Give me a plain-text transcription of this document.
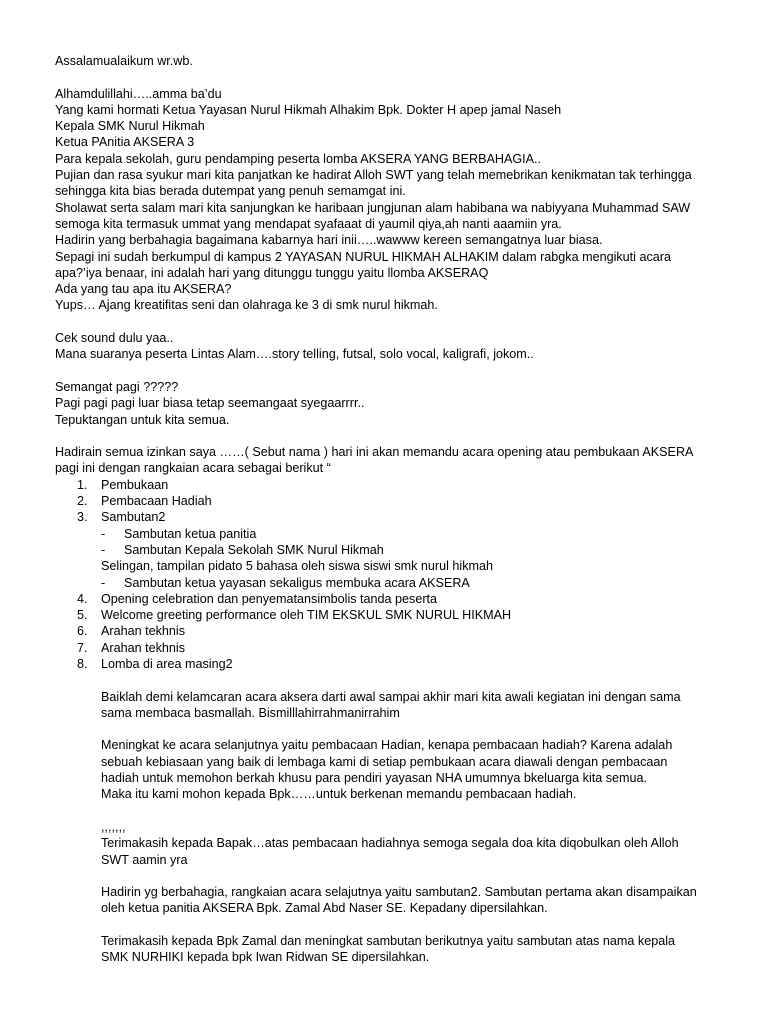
Assalamualaikum wr.wb.
Alhamdulillahi…..amma ba’du
Yang kami hormati Ketua Yayasan Nurul Hikmah Alhakim Bpk. Dokter H apep jamal Naseh
Kepala SMK Nurul Hikmah
Ketua PAnitia AKSERA 3
Para kepala sekolah, guru pendamping peserta lomba AKSERA YANG BERBAHAGIA..
Pujian dan rasa syukur mari kita panjatkan ke hadirat Alloh SWT yang telah memebrikan kenikmatan tak terhingga
sehingga kita bias berada dutempat yang penuh semamgat ini.
Sholawat serta salam mari kita sanjungkan ke haribaan jungjunan alam habibana wa nabiyyana Muhammad SAW
semoga kita termasuk ummat yang mendapat syafaaat di yaumil qiya,ah nanti aaamiin yra.
Hadirin yang berbahagia bagaimana kabarnya hari inii…..wawww kereen semangatnya luar biasa.
Sepagi ini sudah berkumpul di kampus 2 YAYASAN NURUL HIKMAH ALHAKIM dalam rabgka mengikuti acara
apa?’iya benaar, ini adalah hari yang ditunggu tunggu yaitu llomba AKSERAQ
Ada yang tau apa itu AKSERA?
Yups… Ajang kreatifitas seni dan olahraga ke 3 di smk nurul hikmah.
Cek sound dulu yaa..
Mana suaranya peserta Lintas Alam….story telling, futsal, solo vocal, kaligrafi, jokom..
Semangat pagi ?????
Pagi pagi pagi luar biasa tetap seemangaat syegaarrrr..
Tepuktangan untuk kita semua.
Hadirain semua izinkan saya ……( Sebut nama ) hari ini akan memandu acara opening atau pembukaan AKSERA
pagi ini dengan rangkaian acara sebagai berikut “
1.	Pembukaan
2.	Pembacaan Hadiah
3.	Sambutan2
- Sambutan ketua panitia
- Sambutan Kepala Sekolah SMK Nurul Hikmah
Selingan, tampilan pidato 5 bahasa oleh siswa siswi smk nurul hikmah
- Sambutan ketua yayasan sekaligus membuka acara AKSERA
4.	Opening celebration dan penyematansimbolis tanda peserta
5.	Welcome greeting performance oleh TIM EKSKUL SMK NURUL HIKMAH
6.	Arahan tekhnis
7.	Arahan tekhnis
8.	Lomba di area masing2
Baiklah demi kelamcaran acara aksera darti awal sampai akhir mari kita awali kegiatan ini dengan sama
sama membaca basmallah. Bismilllahirrahmanirrahim
Meningkat ke acara selanjutnya yaitu pembacaan Hadian, kenapa pembacaan hadiah? Karena adalah
sebuah kebiasaan yang baik di lembaga kami di setiap pembukaan acara diawali dengan pembacaan
hadiah untuk memohon berkah khusu para pendiri yayasan NHA umumnya bkeluarga kita semua.
Maka itu kami mohon kepada Bpk……untuk berkenan memandu pembacaan hadiah.
,,,,,,,
Terimakasih kepada Bapak…atas pembacaan hadiahnya semoga segala doa kita diqobulkan oleh Alloh
SWT aamin yra
Hadirin yg berbahagia, rangkaian acara selajutnya yaitu sambutan2. Sambutan pertama akan disampaikan
oleh ketua panitia AKSERA Bpk. Zamal Abd Naser SE. Kepadany dipersilahkan.
Terimakasih kepada Bpk Zamal dan meningkat sambutan berikutnya yaitu sambutan atas nama kepala
SMK NURHIKI kepada bpk Iwan Ridwan SE dipersilahkan.
